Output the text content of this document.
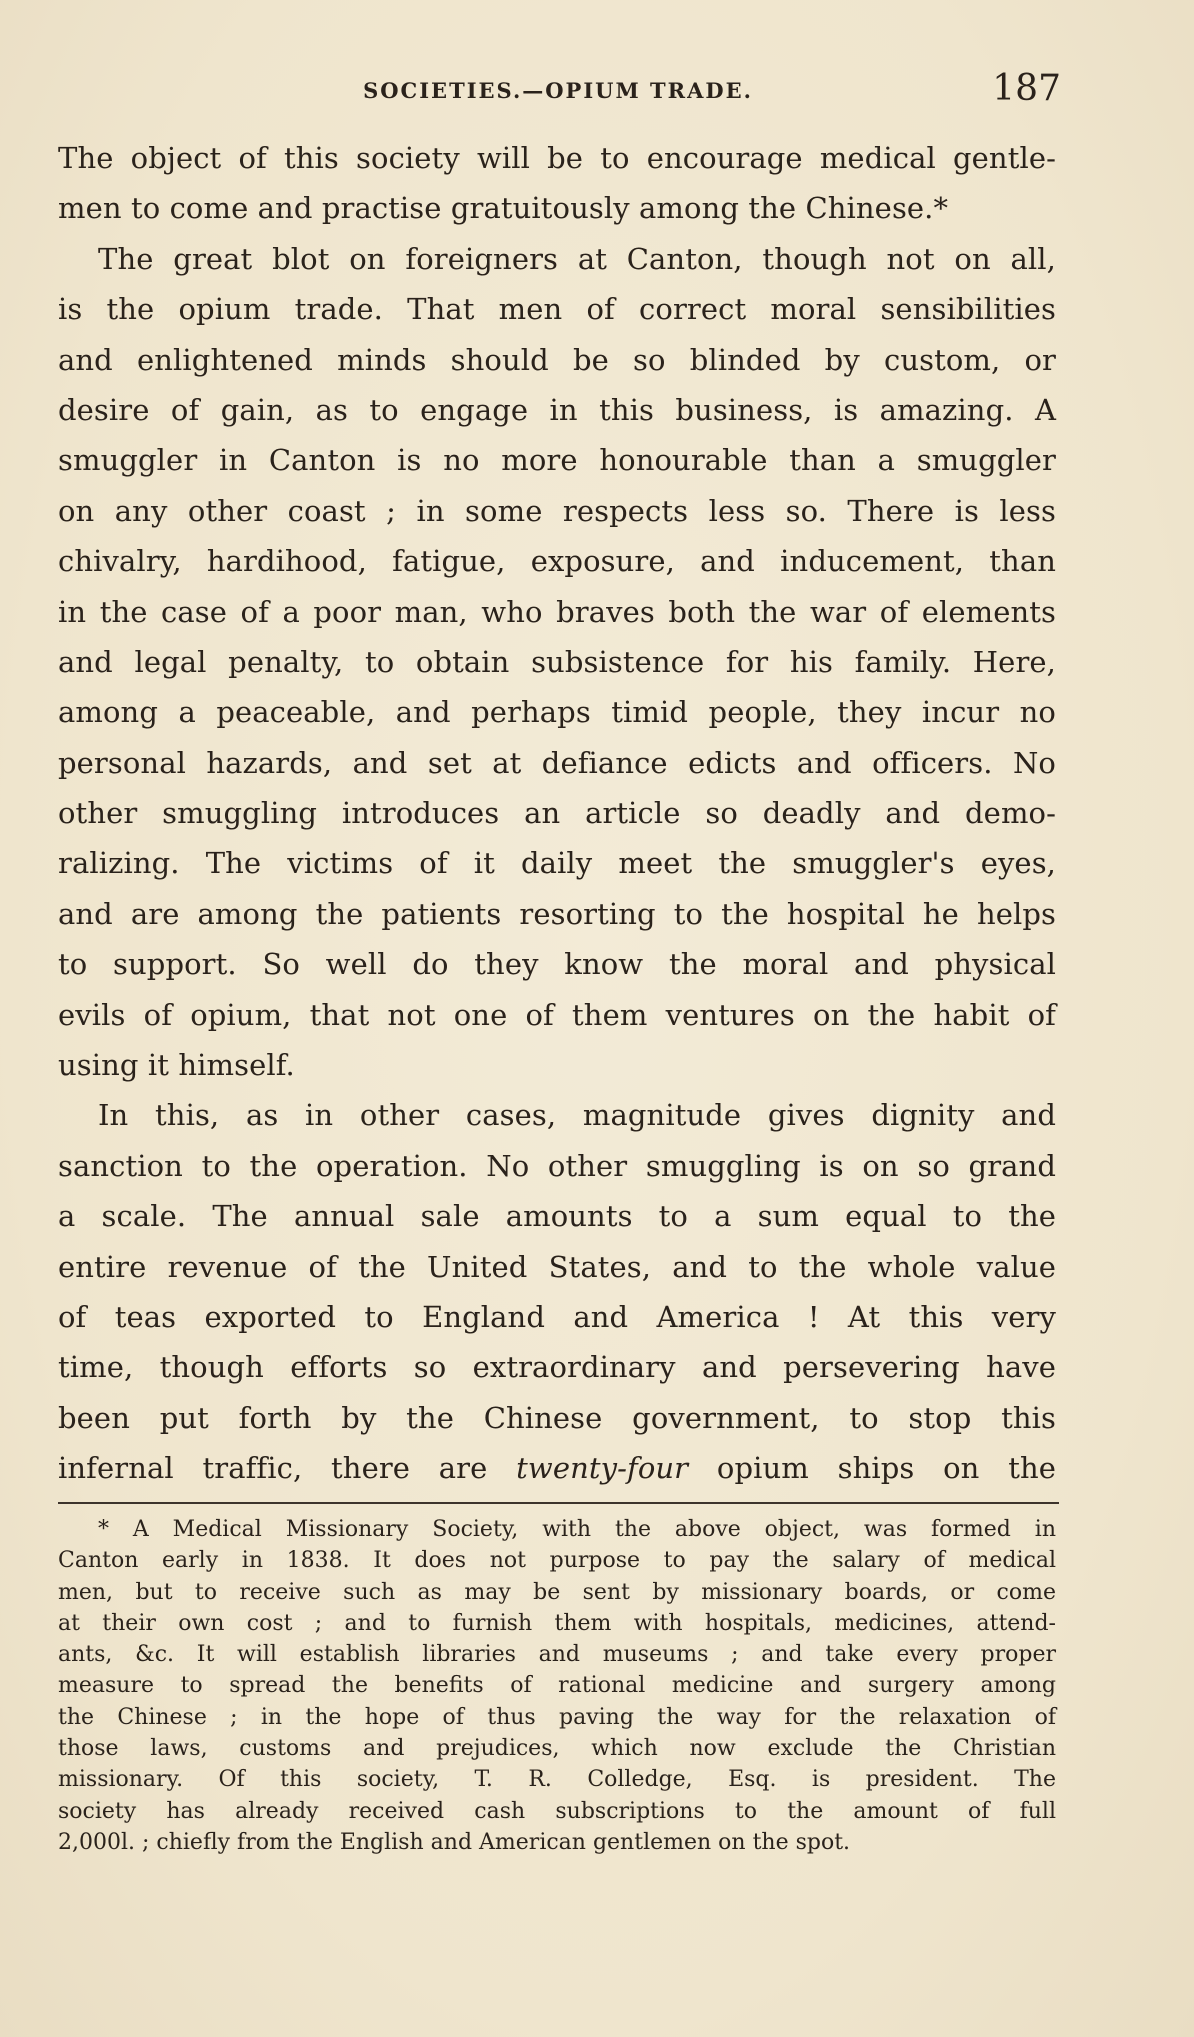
SOCIETIES.—OPIUM TRADE.	187
The object of this society will be to encourage medical gentle-
men to come and practise gratuitously among the Chinese.*
The great blot on foreigners at Canton, though not on all,
is the opium trade. That men of correct moral sensibilities
and enlightened minds should be so blinded by custom, or
desire of gain, as to engage in this business, is amazing. A
smuggler in Canton is no more honourable than a smuggler
on any other coast ; in some respects less so. There is less
chivalry, hardihood, fatigue, exposure, and inducement, than
in the case of a poor man, who braves both the war of elements
and legal penalty, to obtain subsistence for his family. Here,
among a peaceable, and perhaps timid people, they incur no
personal hazards, and set at defiance edicts and officers. No
other smuggling introduces an article so deadly and demo-
ralizing. The victims of it daily meet the smuggler's eyes,
and are among the patients resorting to the hospital he helps
to support. So well do they know the moral and physical
evils of opium, that not one of them ventures on the habit of
using it himself.
In this, as in other cases, magnitude gives dignity and
sanction to the operation. No other smuggling is on so grand
a scale. The annual sale amounts to a sum equal to the
entire revenue of the United States, and to the whole value
of teas exported to England and America ! At this very
time, though efforts so extraordinary and persevering have
been put forth by the Chinese government, to stop this
infernal traffic, there are twenty-four opium ships on the
* A Medical Missionary Society, with the above object, was formed in
Canton early in 1838. It does not purpose to pay the salary of medical
men, but to receive such as may be sent by missionary boards, or come
at their own cost ; and to furnish them with hospitals, medicines, attend-
ants, &c. It will establish libraries and museums ; and take every proper
measure to spread the benefits of rational medicine and surgery among
the Chinese ; in the hope of thus paving the way for the relaxation of
those laws, customs and prejudices, which now exclude the Christian
missionary. Of this society, T. R. Colledge, Esq. is president. The
society has already received cash subscriptions to the amount of full
2,000l. ; chiefly from the English and American gentlemen on the spot.
